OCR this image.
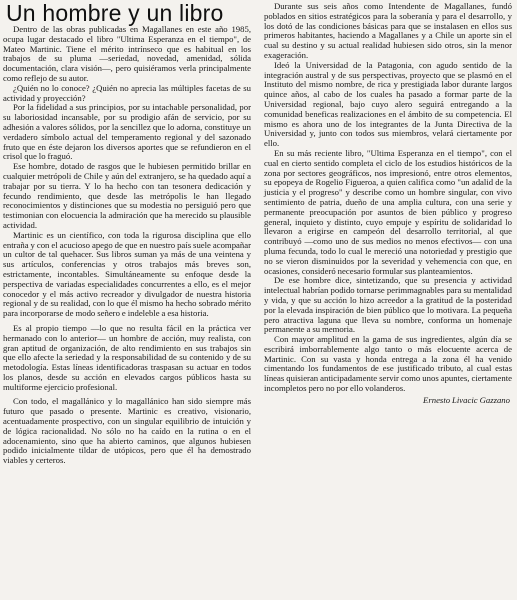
Un hombre y un libro

Dentro de las obras publicadas en Magallanes en este año 1985, ocupa lugar destacado el libro "Ultima Esperanza en el tiempo", de Mateo Martinic. Tiene el mérito intrínseco que es habitual en los trabajos de su pluma —seriedad, novedad, amenidad, sólida documentación, clara visión—, pero quisiéramos verla principalmente como reflejo de su autor.

¿Quién no lo conoce? ¿Quién no aprecia las múltiples facetas de su actividad y proyección?

Por la fidelidad a sus principios, por su intachable personalidad, por su laboriosidad incansable, por su prodigio afán de servicio, por su adhesión a valores sólidos, por la sencillez que lo adorna, constituye un verdadero símbolo actual del temperamento regional y del sazonado fruto que en éste dejaron los diversos aportes que se refundieron en el crisol que lo fraguó.

Ese hombre, dotado de rasgos que le hubiesen permitido brillar en cualquier metrópoli de Chile y aún del extranjero, se ha quedado aquí a trabajar por su tierra. Y lo ha hecho con tan tesonera dedicación y fecundo rendimiento, que desde las metrópolis le han llegado reconocimientos y distinciones que su modestia no persiguió pero que testimonian con elocuencia la admiración que ha merecido su plausible actividad.

Martinic es un científico, con toda la rigurosa disciplina que ello entraña y con el acucioso apego de que en nuestro país suele acompañar un cultor de tal quehacer. Sus libros suman ya más de una veintena y sus artículos, conferencias y otros trabajos más breves son, estrictamente, incontables. Simultáneamente su enfoque desde la perspectiva de variadas especialidades concurrentes a ello, es el mejor conocedor y el más activo recreador y divulgador de nuestra historia regional y de su realidad, con lo que él mismo ha hecho sobrado mérito para incorporarse de modo señero e indeleble a esa historia.

Es al propio tiempo —lo que no resulta fácil en la práctica ver hermanado con lo anterior— un hombre de acción, muy realista, con gran aptitud de organización, de alto rendimiento en sus trabajos sin que ello afecte la seriedad y la responsabilidad de su contenido y de su metodología. Estas líneas identificadoras traspasan su actuar en todos los planos, desde su acción en elevados cargos públicos hasta su multiforme ejercicio profesional.

Con todo, el magallánico y lo magallánico han sido siempre más futuro que pasado o presente. Martinic es creativo, visionario, acentuadamente prospectivo, con un singular equilibrio de intuición y de lógica racionalidad. No sólo no ha caído en la rutina o en el adocenamiento, sino que ha abierto caminos, que algunos hubiesen podido inicialmente tildar de utópicos, pero que él ha demostrado viables y certeros.

Durante sus seis años como Intendente de Magallanes, fundó poblados en sitios estratégicos para la soberanía y para el desarrollo, y los dotó de las condiciones básicas para que se instalasen en ellos sus primeros habitantes, haciendo a Magallanes y a Chile un aporte sin el cual su destino y su actual realidad hubiesen sido otros, sin la menor exageración.

Ideó la Universidad de la Patagonia, con agudo sentido de la integración austral y de sus perspectivas, proyecto que se plasmó en el Instituto del mismo nombre, de rica y prestigiada labor durante largos quince años, al cabo de los cuales ha pasado a formar parte de la Universidad regional, bajo cuyo alero seguirá entregando a la comunidad beneficas realizaciones en el ámbito de su competencia. El mismo es ahora uno de los integrantes de la Junta Directiva de la Universidad y, junto con todos sus miembros, velará ciertamente por ello.

En su más reciente libro, "Ultima Esperanza en el tiempo", con el cual en cierto sentido completa el ciclo de los estudios históricos de la zona por sectores geográficos, nos impresionó, entre otros elementos, su epopeya de Rogelio Figueroa, a quien califica como "un adalid de la justicia y el progreso" y describe como un hombre singular, con vivo sentimiento de patria, dueño de una amplia cultura, con una serie y permanente preocupación por asuntos de bien público y progreso general, inquieto y distinto, cuyo empuje y espíritu de solidaridad lo llevaron a erigirse en campeón del desarrollo territorial, al que contribuyó —como uno de sus medios no menos efectivos— con una pluma fecunda, todo lo cual le mereció una notoriedad y prestigio que no se vieron disminuidos por la severidad y vehemencia con que, en ocasiones, consideró necesario formular sus planteamientos.

De ese hombre dice, sintetizando, que su presencia y actividad intelectual habrían podido tornarse perimmagnables para su mentalidad y vida, y que su acción lo hizo acreedor a la gratitud de la posteridad por la elevada inspiración de bien público que lo motivara. La pequeña pero atractiva laguna que lleva su nombre, conforma un homenaje permanente a su memoria.

Con mayor amplitud en la gama de sus ingredientes, algún día se escribirá imborrablemente algo tanto o más elocuente acerca de Martinic. Con su vasta y honda entrega a la zona él ha venido cimentando los fundamentos de ese justificado tributo, al cual estas líneas quisieran anticipadamente servir como unos apuntes, ciertamente incompletos pero no por ello volanderos.

Ernesto Livacic Gazzano
